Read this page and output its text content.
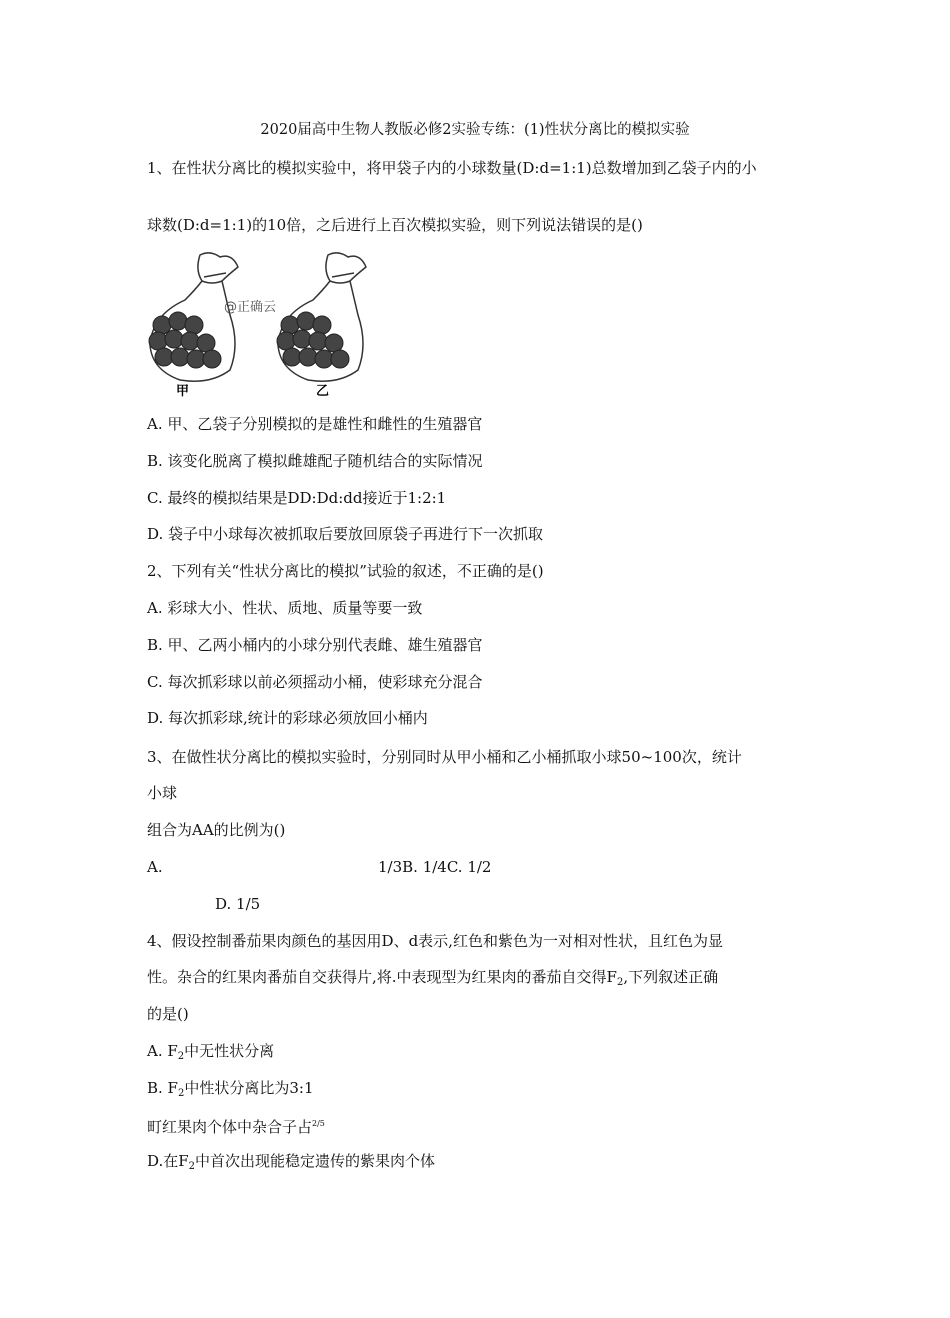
2020届高中生物人教版必修2实验专练：(1)性状分离比的模拟实验
1、在性状分离比的模拟实验中，将甲袋子内的小球数量(D:d=1:1)总数增加到乙袋子内的小
球数(D:d=1:1)的10倍，之后进行上百次模拟实验，则下列说法错误的是()
@正确云
甲	乙
A. 甲、乙袋子分别模拟的是雄性和雌性的生殖器官
B. 该变化脱离了模拟雌雄配子随机结合的实际情况
C. 最终的模拟结果是DD:Dd:dd接近于1:2:1
D. 袋子中小球每次被抓取后要放回原袋子再进行下一次抓取
2、下列有关“性状分离比的模拟”试验的叙述，不正确的是()
A. 彩球大小、性状、质地、质量等要一致
B. 甲、乙两小桶内的小球分别代表雌、雄生殖器官
C. 每次抓彩球以前必须摇动小桶，使彩球充分混合
D. 每次抓彩球,统计的彩球必须放回小桶内
3、在做性状分离比的模拟实验时，分别同时从甲小桶和乙小桶抓取小球50~100次，统计
小球
组合为AA的比例为()
A.	1/3B. 1/4C. 1/2
D. 1/5
4、假设控制番茄果肉颜色的基因用D、d表示,红色和紫色为一对相对性状，且红色为显
性。杂合的红果肉番茄自交获得片,将.中表现型为红果肉的番茄自交得$F_2$,下列叙述正确
的是()
A. $F_2$中无性状分离
B. $F_2$中性状分离比为3:1
町红果肉个体中杂合子占$^{2/5}$
D.在$F_2$中首次出现能稳定遗传的紫果肉个体
